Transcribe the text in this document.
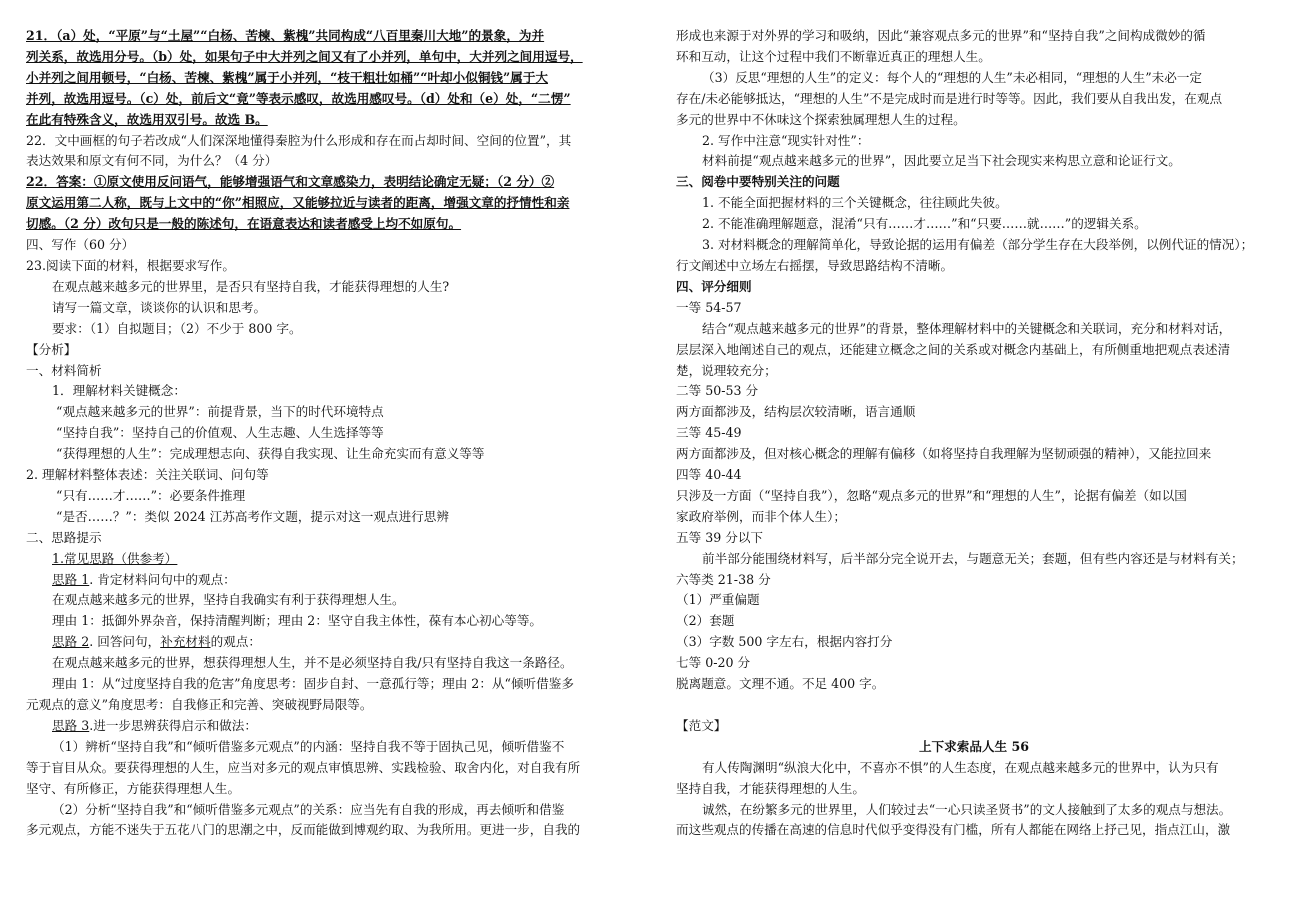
21．（a）处，“平原”与“土屋”“白杨、苦楝、紫槐”共同构成“八百里秦川大地”的景象，为并
列关系，故选用分号。（b）处，如果句子中大并列之间又有了小并列，单句中，大并列之间用逗号，
小并列之间用顿号，“白杨、苦楝、紫槐”属于小并列，“枝干粗壮如桶”“叶却小似铜钱”属于大
并列，故选用逗号。（c）处，前后文“竟”等表示感叹，故选用感叹号。（d）处和（e）处，“二愣”
在此有特殊含义，故选用双引号。故选 B。
22．文中画框的句子若改成“人们深深地懂得秦腔为什么形成和存在而占却时间、空间的位置”，其
表达效果和原文有何不同，为什么？（4 分）
22．答案：①原文使用反问语气，能够增强语气和文章感染力，表明结论确定无疑；（2 分）②
原文运用第二人称，既与上文中的“你”相照应，又能够拉近与读者的距离，增强文章的抒情性和亲
切感。（2 分）改句只是一般的陈述句，在语意表达和读者感受上均不如原句。
四、写作（60 分）
23.阅读下面的材料，根据要求写作。
在观点越来越多元的世界里，是否只有坚持自我，才能获得理想的人生?
请写一篇文章，谈谈你的认识和思考。
要求：（1）自拟题目；（2）不少于 800 字。
【分析】
一、材料简析
1．理解材料关键概念：
“观点越来越多元的世界”：前提背景，当下的时代环境特点
“坚持自我”：坚持自己的价值观、人生志趣、人生选择等等
“获得理想的人生”：完成理想志向、获得自我实现、让生命充实而有意义等等
2. 理解材料整体表述：关注关联词、问句等
“只有……才……”：必要条件推理
“是否……？”：类似 2024 江苏高考作文题，提示对这一观点进行思辨
二、思路提示
1.常见思路（供参考）
思路 1. 肯定材料问句中的观点：
在观点越来越多元的世界，坚持自我确实有利于获得理想人生。
理由 1：抵御外界杂音，保持清醒判断；理由 2：坚守自我主体性，葆有本心初心等等。
思路 2. 回答问句，补充材料的观点：
在观点越来越多元的世界，想获得理想人生，并不是必须坚持自我/只有坚持自我这一条路径。
理由 1：从“过度坚持自我的危害”角度思考：固步自封、一意孤行等；理由 2：从“倾听借鉴多
元观点的意义”角度思考：自我修正和完善、突破视野局限等。
思路 3.进一步思辨获得启示和做法：
（1）辨析“坚持自我”和“倾听借鉴多元观点”的内涵：坚持自我不等于固执己见，倾听借鉴不
等于盲目从众。要获得理想的人生，应当对多元的观点审慎思辨、实践检验、取舍内化，对自我有所
坚守、有所修正，方能获得理想人生。
（2）分析“坚持自我”和“倾听借鉴多元观点”的关系：应当先有自我的形成，再去倾听和借鉴
多元观点，方能不迷失于五花八门的思潮之中，反而能做到博观约取、为我所用。更进一步，自我的
形成也来源于对外界的学习和吸纳，因此“兼容观点多元的世界”和“坚持自我”之间构成微妙的循
环和互动，让这个过程中我们不断靠近真正的理想人生。
（3）反思“理想的人生”的定义：每个人的“理想的人生”未必相同，“理想的人生”未必一定
存在/未必能够抵达，“理想的人生”不是完成时而是进行时等等。因此，我们要从自我出发，在观点
多元的世界中不休味这个探索独属理想人生的过程。
2. 写作中注意“现实针对性”：
材料前提“观点越来越多元的世界”，因此要立足当下社会现实来构思立意和论证行文。
三、阅卷中要特别关注的问题
1. 不能全面把握材料的三个关键概念，往往顾此失彼。
2. 不能准确理解题意，混淆“只有……才……”和“只要……就……”的逻辑关系。
3. 对材料概念的理解简单化，导致论据的运用有偏差（部分学生存在大段举例，以例代证的情况）；
行文阐述中立场左右摇摆，导致思路结构不清晰。
四、评分细则
一等 54-57
结合“观点越来越多元的世界”的背景，整体理解材料中的关键概念和关联词，充分和材料对话，
层层深入地阐述自己的观点，还能建立概念之间的关系或对概念内基础上，有所侧重地把观点表述清
楚，说理较充分；
二等 50-53 分
两方面都涉及，结构层次较清晰，语言通顺
三等 45-49
两方面都涉及，但对核心概念的理解有偏移（如将坚持自我理解为坚韧顽强的精神），又能拉回来
四等 40-44
只涉及一方面（“坚持自我”），忽略“观点多元的世界”和“理想的人生”，论据有偏差（如以国
家政府举例，而非个体人生）；
五等 39 分以下
前半部分能围绕材料写，后半部分完全说开去，与题意无关；套题，但有些内容还是与材料有关；
六等类 21-38 分
（1）严重偏题
（2）套题
（3）字数 500 字左右，根据内容打分
七等 0-20 分
脱离题意。文理不通。不足 400 字。
【范文】
上下求索品人生 56
有人传陶渊明“纵浪大化中，不喜亦不惧”的人生态度，在观点越来越多元的世界中，认为只有
坚持自我，才能获得理想的人生。
诚然，在纷繁多元的世界里，人们较过去“一心只读圣贤书”的文人接触到了太多的观点与想法。
而这些观点的传播在高速的信息时代似乎变得没有门槛，所有人都能在网络上抒己见，指点江山，激
